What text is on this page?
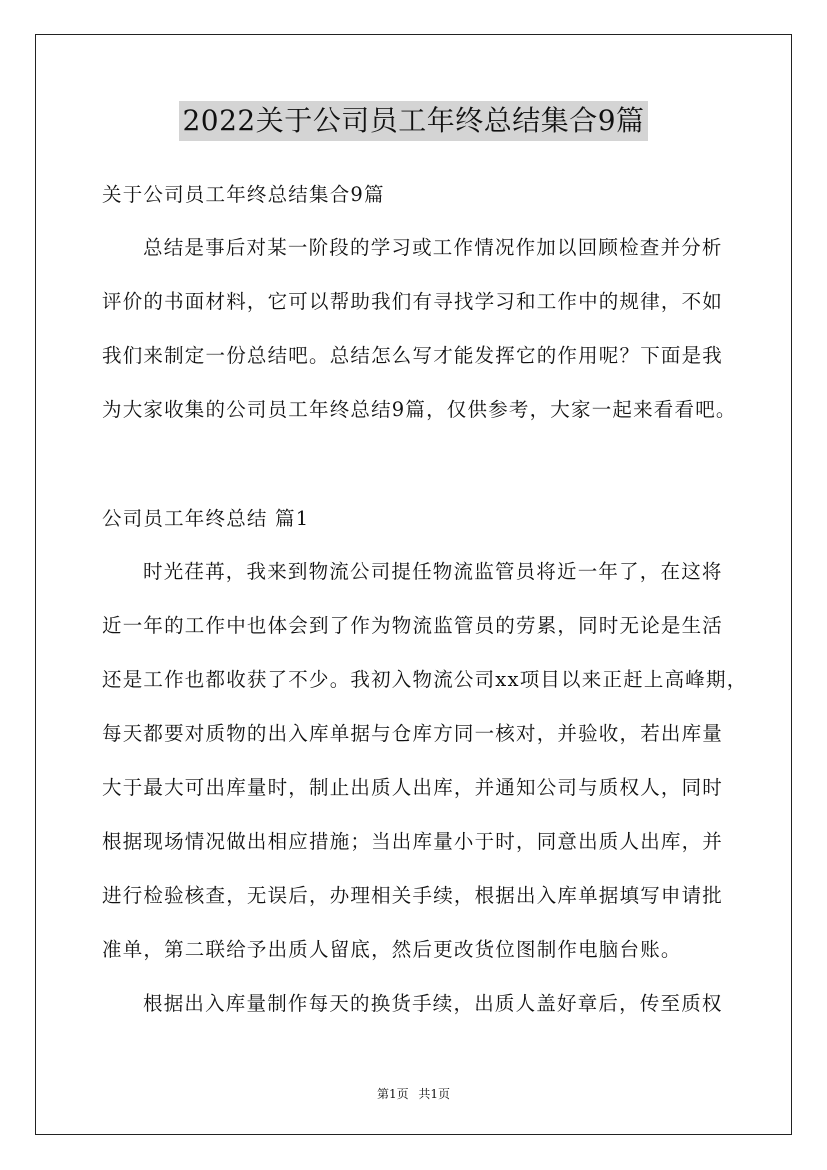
2022关于公司员工年终总结集合9篇
关于公司员工年终总结集合9篇
总结是事后对某一阶段的学习或工作情况作加以回顾检查并分析
评价的书面材料，它可以帮助我们有寻找学习和工作中的规律，不如
我们来制定一份总结吧。总结怎么写才能发挥它的作用呢？下面是我
为大家收集的公司员工年终总结9篇，仅供参考，大家一起来看看吧。
公司员工年终总结 篇1
时光荏苒，我来到物流公司提任物流监管员将近一年了，在这将
近一年的工作中也体会到了作为物流监管员的劳累，同时无论是生活
还是工作也都收获了不少。我初入物流公司xx项目以来正赶上高峰期，
每天都要对质物的出入库单据与仓库方同一核对，并验收，若出库量
大于最大可出库量时，制止出质人出库，并通知公司与质权人，同时
根据现场情况做出相应措施；当出库量小于时，同意出质人出库，并
进行检验核查，无误后，办理相关手续，根据出入库单据填写申请批
准单，第二联给予出质人留底，然后更改货位图制作电脑台账。
根据出入库量制作每天的换货手续，出质人盖好章后，传至质权
第1页 共1页
